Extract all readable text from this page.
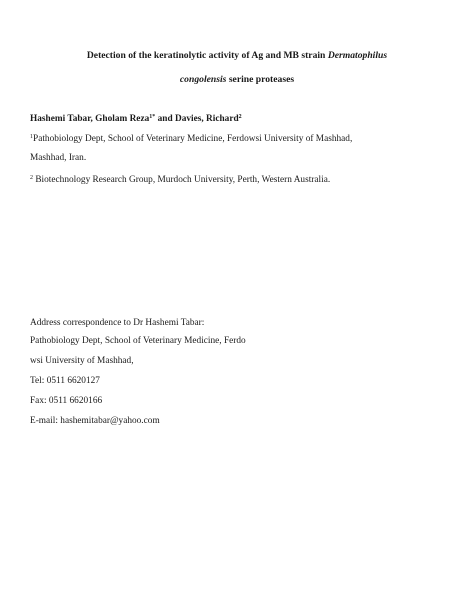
Detection of the keratinolytic activity of Ag and MB strain Dermatophilus
congolensis serine proteases
Hashemi Tabar, Gholam Reza$^{1*}$ and Davies, Richard$^2$
$^1$Pathobiology Dept, School of Veterinary Medicine, Ferdowsi University of Mashhad,
Mashhad, Iran.
$^2$ Biotechnology Research Group, Murdoch University, Perth, Western Australia.
Address correspondence to Dr Hashemi Tabar:
Pathobiology Dept, School of Veterinary Medicine, Ferdo
wsi University of Mashhad,
Tel: 0511 6620127
Fax: 0511 6620166
E-mail: hashemitabar@yahoo.com
